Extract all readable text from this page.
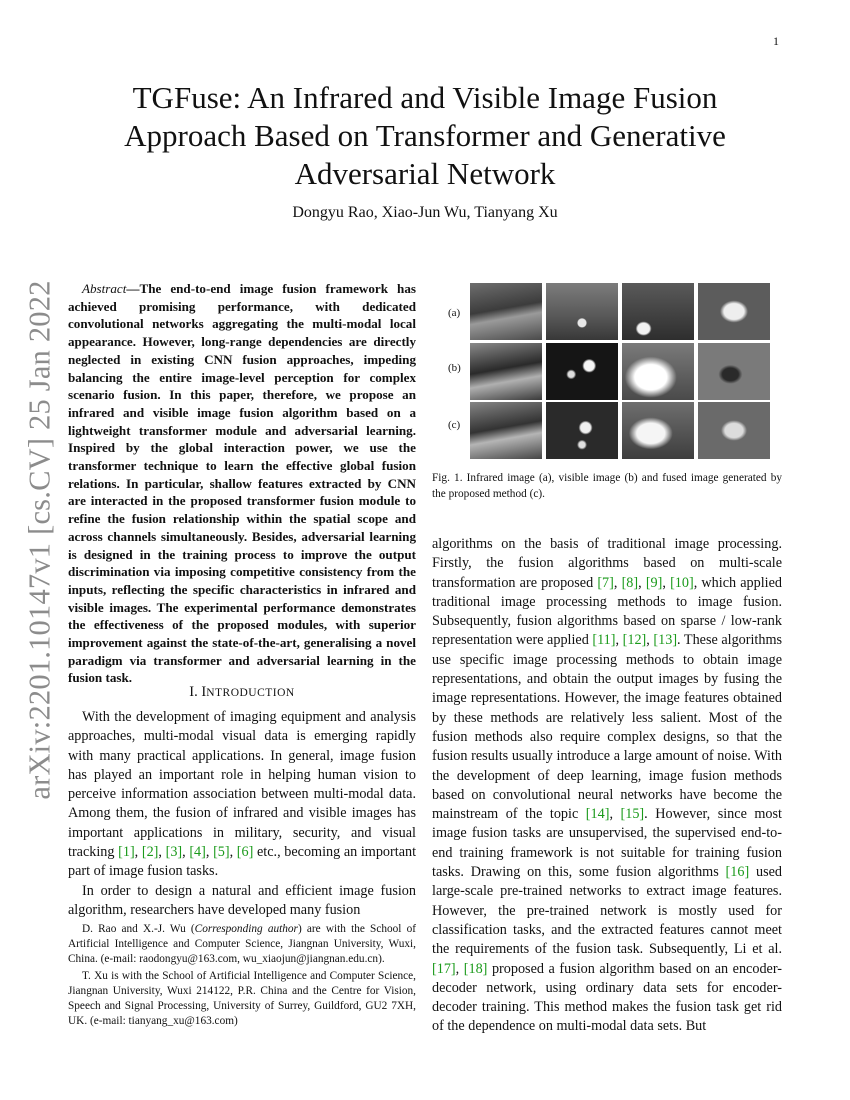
1
arXiv:2201.10147v1 [cs.CV] 25 Jan 2022
TGFuse: An Infrared and Visible Image Fusion
Approach Based on Transformer and Generative
Adversarial Network
Dongyu Rao, Xiao-Jun Wu, Tianyang Xu
Abstract—The end-to-end image fusion framework has achieved promising performance, with dedicated convolutional networks aggregating the multi-modal local appearance. However, long-range dependencies are directly neglected in existing CNN fusion approaches, impeding balancing the entire image-level perception for complex scenario fusion. In this paper, therefore, we propose an infrared and visible image fusion algorithm based on a lightweight transformer module and adversarial learning. Inspired by the global interaction power, we use the transformer technique to learn the effective global fusion relations. In particular, shallow features extracted by CNN are interacted in the proposed transformer fusion module to refine the fusion relationship within the spatial scope and across channels simultaneously. Besides, adversarial learning is designed in the training process to improve the output discrimination via imposing competitive consistency from the inputs, reflecting the specific characteristics in infrared and visible images. The experimental performance demonstrates the effectiveness of the proposed modules, with superior improvement against the state-of-the-art, generalising a novel paradigm via transformer and adversarial learning in the fusion task.
I. INTRODUCTION

With the development of imaging equipment and analysis approaches, multi-modal visual data is emerging rapidly with many practical applications. In general, image fusion has played an important role in helping human vision to perceive information association between multi-modal data. Among them, the fusion of infrared and visible images has important applications in military, security, and visual tracking [1], [2], [3], [4], [5], [6] etc., becoming an important part of image fusion tasks.

In order to design a natural and efficient image fusion algorithm, researchers have developed many fusion

D. Rao and X.-J. Wu (Corresponding author) are with the School of Artificial Intelligence and Computer Science, Jiangnan University, Wuxi, China. (e-mail: raodongyu@163.com, wu_xiaojun@jiangnan.edu.cn).

T. Xu is with the School of Artificial Intelligence and Computer Science, Jiangnan University, Wuxi 214122, P.R. China and the Centre for Vision, Speech and Signal Processing, University of Surrey, Guildford, GU2 7XH, UK. (e-mail: tianyang_xu@163.com)

(a)
(b)
(c)
Fig. 1. Infrared image (a), visible image (b) and fused image generated by the proposed method (c).

algorithms on the basis of traditional image processing. Firstly, the fusion algorithms based on multi-scale transformation are proposed [7], [8], [9], [10], which applied traditional image processing methods to image fusion. Subsequently, fusion algorithms based on sparse / low-rank representation were applied [11], [12], [13]. These algorithms use specific image processing methods to obtain image representations, and obtain the output images by fusing the image representations. However, the image features obtained by these methods are relatively less salient. Most of the fusion methods also require complex designs, so that the fusion results usually introduce a large amount of noise. With the development of deep learning, image fusion methods based on convolutional neural networks have become the mainstream of the topic [14], [15]. However, since most image fusion tasks are unsupervised, the supervised end-to-end training framework is not suitable for training fusion tasks. Drawing on this, some fusion algorithms [16] used large-scale pre-trained networks to extract image features. However, the pre-trained network is mostly used for classification tasks, and the extracted features cannot meet the requirements of the fusion task. Subsequently, Li et al. [17], [18] proposed a fusion algorithm based on an encoder-decoder network, using ordinary data sets for encoder-decoder training. This method makes the fusion task get rid of the dependence on multi-modal data sets. But
